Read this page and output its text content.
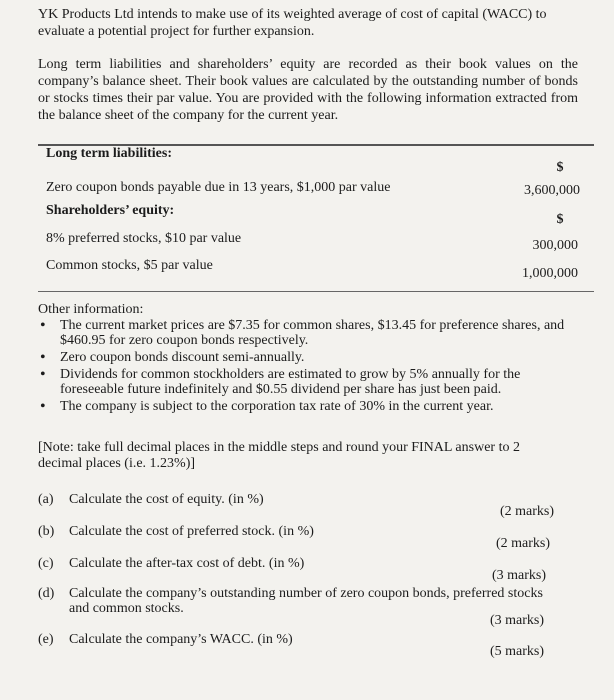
YK Products Ltd intends to make use of its weighted average of cost of capital (WACC) to evaluate a potential project for further expansion.

Long term liabilities and shareholders’ equity are recorded as their book values on the company’s balance sheet. Their book values are calculated by the outstanding number of bonds or stocks times their par value. You are provided with the following information extracted from the balance sheet of the company for the current year.

Long term liabilities:
$
Zero coupon bonds payable due in 13 years, $1,000 par value	3,600,000
Shareholders’ equity:
$
8% preferred stocks, $10 par value	300,000
Common stocks, $5 par value
1,000,000

Other information:

• The current market prices are $7.35 for common shares, $13.45 for preference shares, and $460.95 for zero coupon bonds respectively.
• Zero coupon bonds discount semi-annually.
• Dividends for common stockholders are estimated to grow by 5% annually for the foreseeable future indefinitely and $0.55 dividend per share has just been paid.
• The company is subject to the corporation tax rate of 30% in the current year.

[Note: take full decimal places in the middle steps and round your FINAL answer to 2 decimal places (i.e. 1.23%)]

(a) Calculate the cost of equity. (in %)
(2 marks)
(b) Calculate the cost of preferred stock. (in %)
(2 marks)
(c) Calculate the after-tax cost of debt. (in %)
(3 marks)
(d) Calculate the company’s outstanding number of zero coupon bonds, preferred stocks
and common stocks.
(3 marks)
(e) Calculate the company’s WACC. (in %)
(5 marks)
